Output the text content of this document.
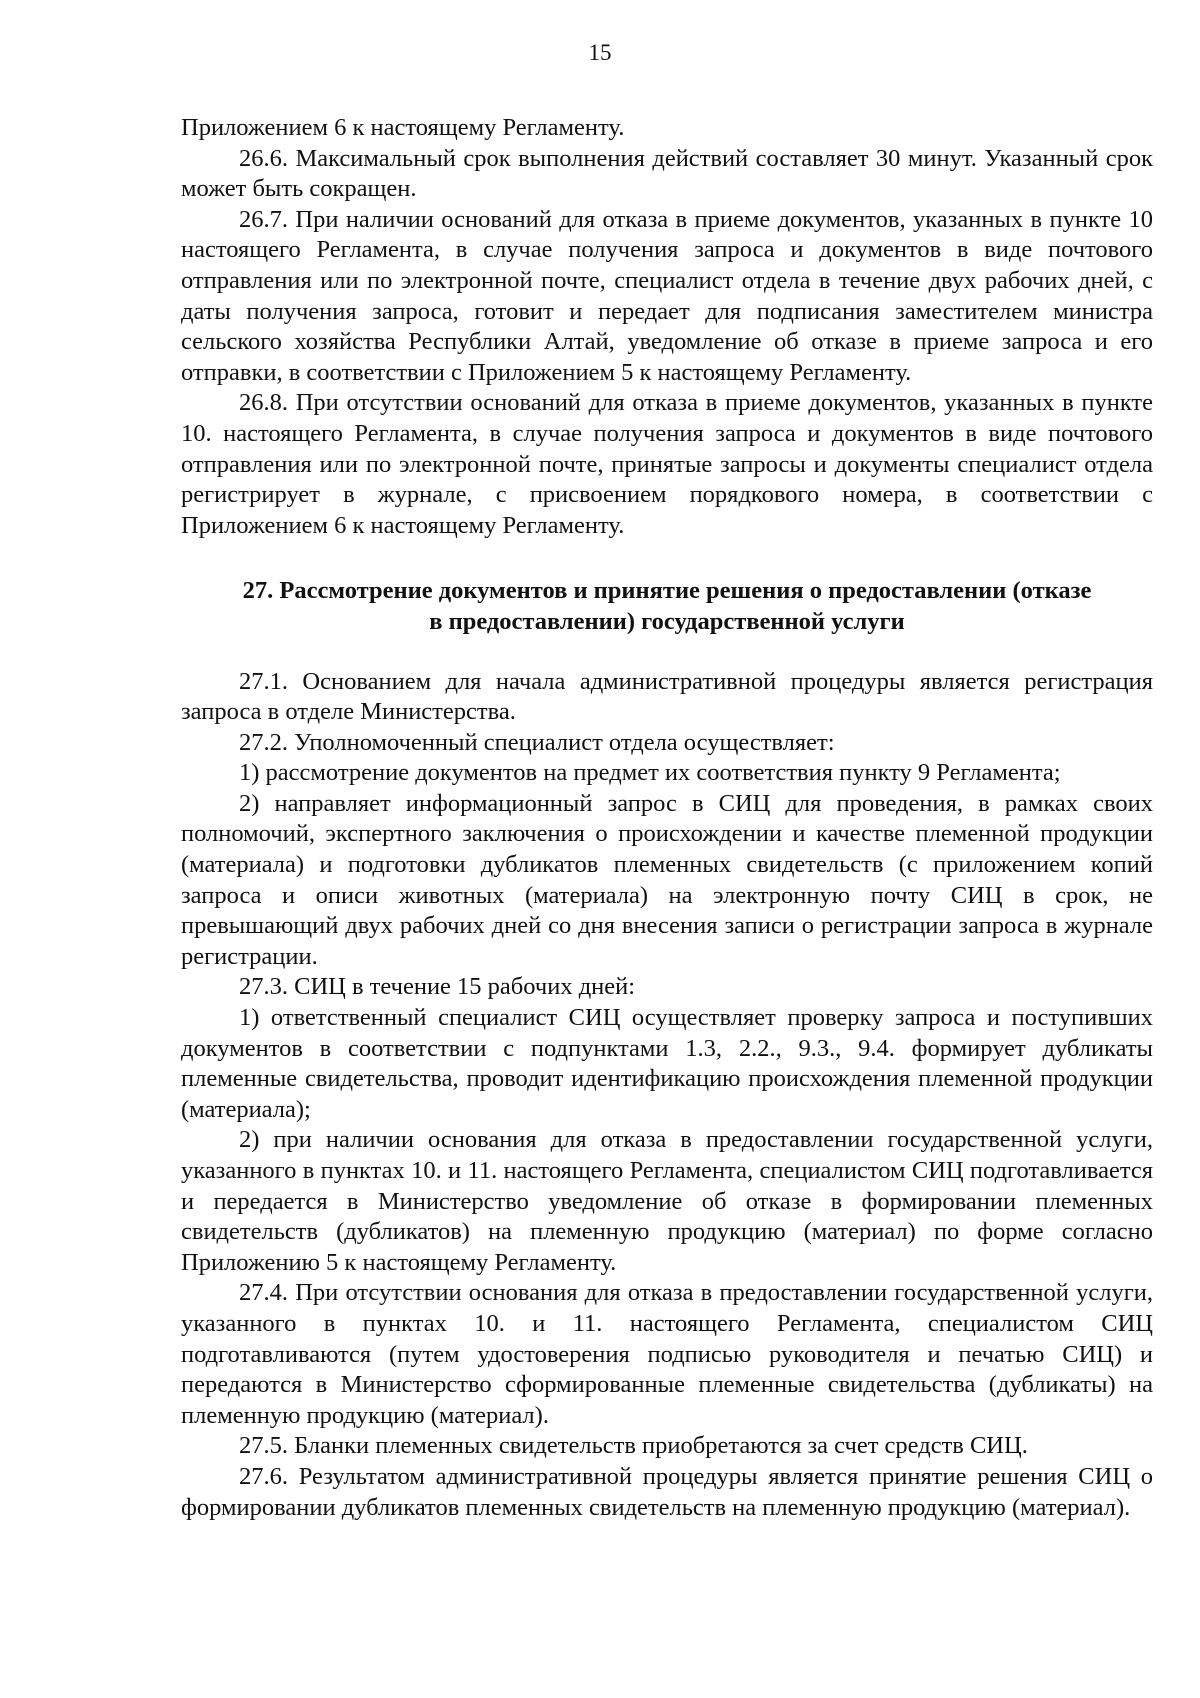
15

Приложением 6 к настоящему Регламенту.

26.6. Максимальный срок выполнения действий составляет 30 минут. Указанный срок может быть сокращен.

26.7. При наличии оснований для отказа в приеме документов, указанных в пункте 10 настоящего Регламента, в случае получения запроса и документов в виде почтового отправления или по электронной почте, специалист отдела в течение двух рабочих дней, с даты получения запроса, готовит и передает для подписания заместителем министра сельского хозяйства Республики Алтай, уведомление об отказе в приеме запроса и его отправки, в соответствии с Приложением 5 к настоящему Регламенту.

26.8. При отсутствии оснований для отказа в приеме документов, указанных в пункте 10. настоящего Регламента, в случае получения запроса и документов в виде почтового отправления или по электронной почте, принятые запросы и документы специалист отдела регистрирует в журнале, с присвоением порядкового номера, в соответствии с Приложением 6 к настоящему Регламенту.

27. Рассмотрение документов и принятие решения о предоставлении (отказе
в предоставлении) государственной услуги

27.1. Основанием для начала административной процедуры является регистрация запроса в отделе Министерства.

27.2. Уполномоченный специалист отдела осуществляет:

1) рассмотрение документов на предмет их соответствия пункту 9 Регламента;

2) направляет информационный запрос в СИЦ для проведения, в рамках своих полномочий, экспертного заключения о происхождении и качестве племенной продукции (материала) и подготовки дубликатов племенных свидетельств (с приложением копий запроса и описи животных (материала) на электронную почту СИЦ в срок, не превышающий двух рабочих дней со дня внесения записи о регистрации запроса в журнале регистрации.

27.3. СИЦ в течение 15 рабочих дней:

1) ответственный специалист СИЦ осуществляет проверку запроса и поступивших документов в соответствии с подпунктами 1.3, 2.2., 9.3., 9.4. формирует дубликаты племенные свидетельства, проводит идентификацию происхождения племенной продукции (материала);

2) при наличии основания для отказа в предоставлении государственной услуги, указанного в пунктах 10. и 11. настоящего Регламента, специалистом СИЦ подготавливается и передается в Министерство уведомление об отказе в формировании племенных свидетельств (дубликатов) на племенную продукцию (материал) по форме согласно Приложению 5 к настоящему Регламенту.

27.4. При отсутствии основания для отказа в предоставлении государственной услуги, указанного в пунктах 10. и 11. настоящего Регламента, специалистом СИЦ подготавливаются (путем удостоверения подписью руководителя и печатью СИЦ) и передаются в Министерство сформированные племенные свидетельства (дубликаты) на племенную продукцию (материал).

27.5. Бланки племенных свидетельств приобретаются за счет средств СИЦ.

27.6. Результатом административной процедуры является принятие решения СИЦ о формировании дубликатов племенных свидетельств на племенную продукцию (материал).
